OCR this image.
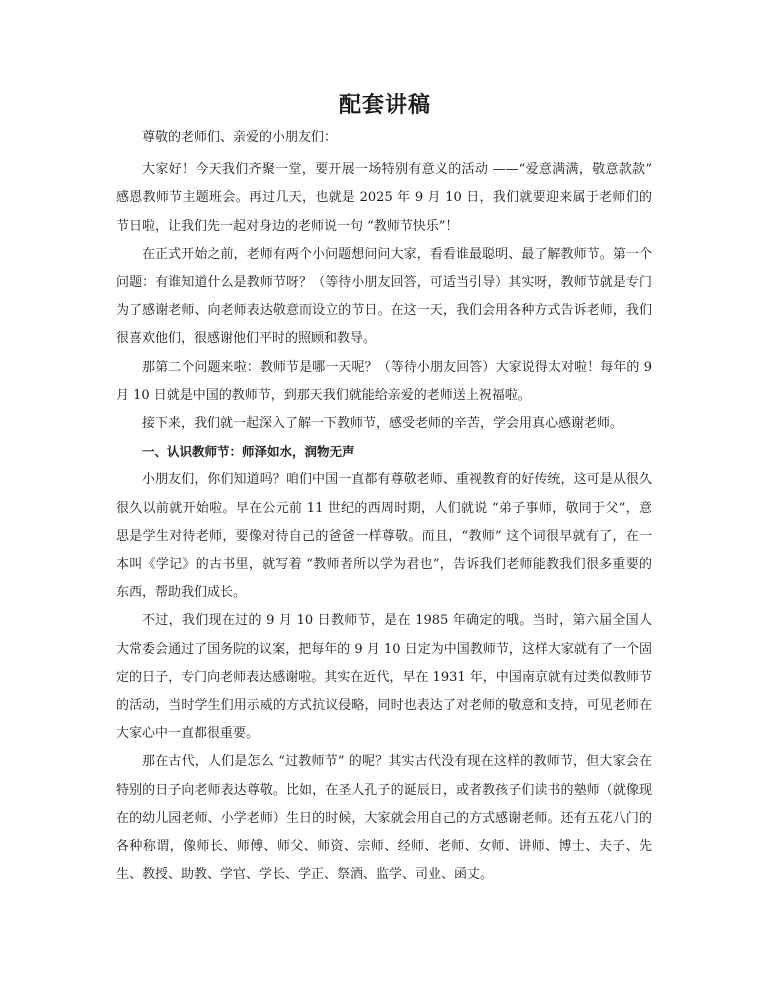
配套讲稿

尊敬的老师们、亲爱的小朋友们：

大家好！今天我们齐聚一堂，要开展一场特别有意义的活动 ——“爱意满满，敬意款款” 感恩教师节主题班会。再过几天，也就是 2025 年 9 月 10 日，我们就要迎来属于老师们的节日啦，让我们先一起对身边的老师说一句 “教师节快乐”！

在正式开始之前，老师有两个小问题想问问大家，看看谁最聪明、最了解教师节。第一个问题：有谁知道什么是教师节呀？（等待小朋友回答，可适当引导）其实呀，教师节就是专门为了感谢老师、向老师表达敬意而设立的节日。在这一天，我们会用各种方式告诉老师，我们很喜欢他们，很感谢他们平时的照顾和教导。

那第二个问题来啦：教师节是哪一天呢？（等待小朋友回答）大家说得太对啦！每年的 9 月 10 日就是中国的教师节，到那天我们就能给亲爱的老师送上祝福啦。

接下来，我们就一起深入了解一下教师节，感受老师的辛苦，学会用真心感谢老师。

一、认识教师节：师泽如水，润物无声

小朋友们，你们知道吗？咱们中国一直都有尊敬老师、重视教育的好传统，这可是从很久很久以前就开始啦。早在公元前 11 世纪的西周时期，人们就说 “弟子事师，敬同于父”，意思是学生对待老师，要像对待自己的爸爸一样尊敬。而且，“教师” 这个词很早就有了，在一本叫《学记》的古书里，就写着 “教师者所以学为君也”，告诉我们老师能教我们很多重要的东西，帮助我们成长。

不过，我们现在过的 9 月 10 日教师节，是在 1985 年确定的哦。当时，第六届全国人大常委会通过了国务院的议案，把每年的 9 月 10 日定为中国教师节，这样大家就有了一个固定的日子，专门向老师表达感谢啦。其实在近代，早在 1931 年，中国南京就有过类似教师节的活动，当时学生们用示威的方式抗议侵略，同时也表达了对老师的敬意和支持，可见老师在大家心中一直都很重要。

那在古代，人们是怎么 “过教师节” 的呢？其实古代没有现在这样的教师节，但大家会在特别的日子向老师表达尊敬。比如，在圣人孔子的诞辰日，或者教孩子们读书的塾师（就像现在的幼儿园老师、小学老师）生日的时候，大家就会用自己的方式感谢老师。还有五花八门的各种称谓，像师长、师傅、师父、师资、宗师、经师、老师、女师、讲师、博士、夫子、先生、教授、助教、学官、学长、学正、祭酒、监学、司业、函丈。
